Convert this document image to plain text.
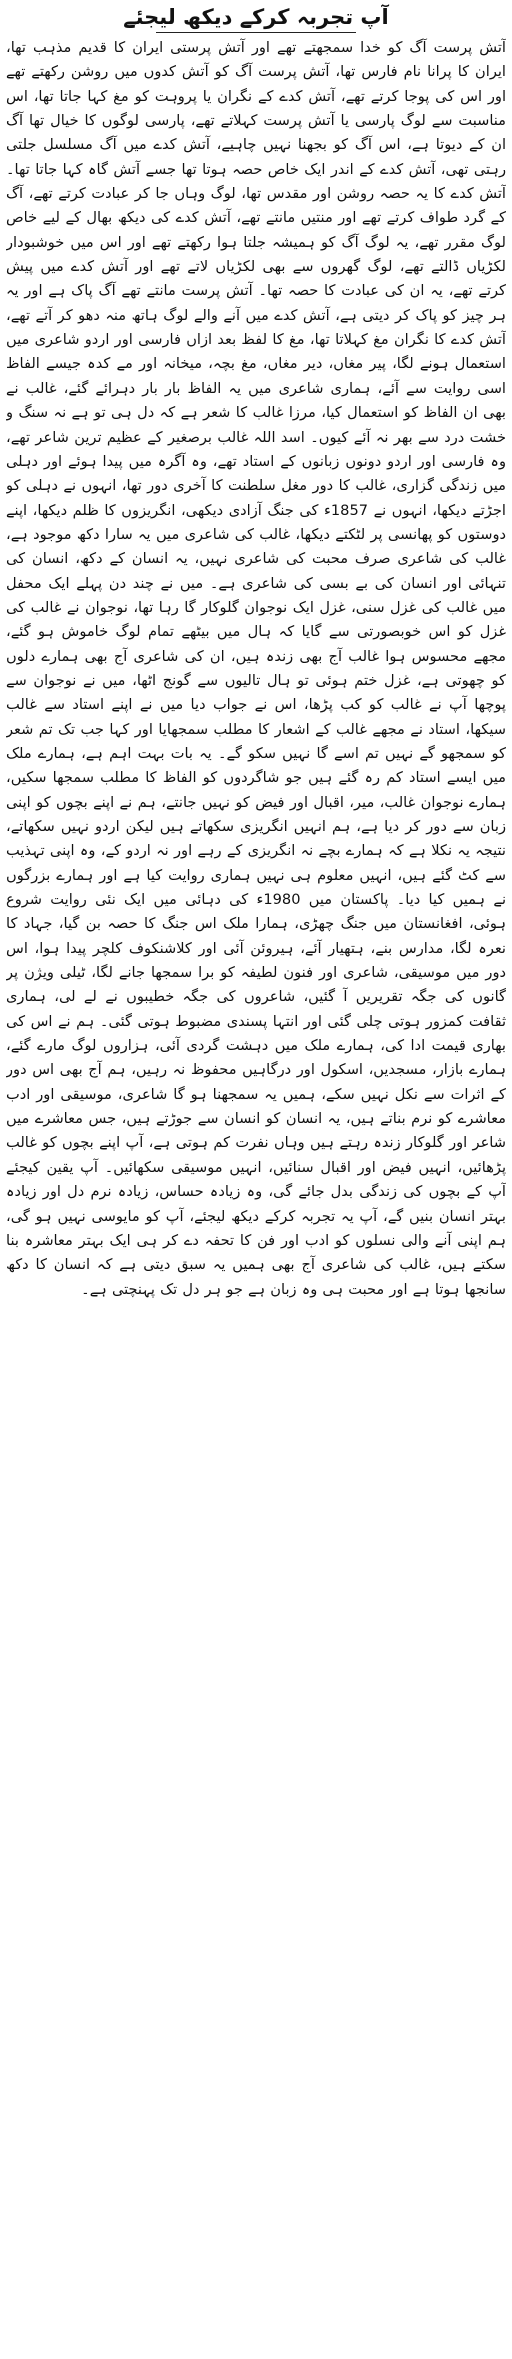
آپ تجربہ کرکے دیکھ لیجئے

آتش پرست آگ کو خدا سمجھتے تھے اور آتش پرستی ایران کا قدیم مذہب تھا، ایران کا پرانا نام فارس تھا، آتش پرست آگ کو آتش کدوں میں روشن رکھتے تھے اور اس کی پوجا کرتے تھے، آتش کدے کے نگران یا پروہت کو مغ کہا جاتا تھا، اس مناسبت سے لوگ پارسی یا آتش پرست کہلاتے تھے، پارسی لوگوں کا خیال تھا آگ ان کے دیوتا ہے، اس آگ کو بجھنا نہیں چاہیے، آتش کدے میں آگ مسلسل جلتی رہتی تھی، آتش کدے کے اندر ایک خاص حصہ ہوتا تھا جسے آتش گاہ کہا جاتا تھا۔

آتش کدے کا یہ حصہ روشن اور مقدس تھا، لوگ وہاں جا کر عبادت کرتے تھے، آگ کے گرد طواف کرتے تھے اور منتیں مانتے تھے، آتش کدے کی دیکھ بھال کے لیے خاص لوگ مقرر تھے، یہ لوگ آگ کو ہمیشہ جلتا ہوا رکھتے تھے اور اس میں خوشبودار لکڑیاں ڈالتے تھے، لوگ گھروں سے بھی لکڑیاں لاتے تھے اور آتش کدے میں پیش کرتے تھے، یہ ان کی عبادت کا حصہ تھا۔

آتش پرست مانتے تھے آگ پاک ہے اور یہ ہر چیز کو پاک کر دیتی ہے، آتش کدے میں آنے والے لوگ ہاتھ منہ دھو کر آتے تھے، آتش کدے کا نگران مغ کہلاتا تھا، مغ کا لفظ بعد ازاں فارسی اور اردو شاعری میں استعمال ہونے لگا، پیر مغاں، دیر مغاں، مغ بچہ، میخانہ اور مے کدہ جیسے الفاظ اسی روایت سے آئے، ہماری شاعری میں یہ الفاظ بار بار دہرائے گئے، غالب نے بھی ان الفاظ کو استعمال کیا، مرزا غالب کا شعر ہے کہ دل ہی تو ہے نہ سنگ و خشت درد سے بھر نہ آئے کیوں۔

اسد اللہ غالب برصغیر کے عظیم ترین شاعر تھے، وہ فارسی اور اردو دونوں زبانوں کے استاد تھے، وہ آگرہ میں پیدا ہوئے اور دہلی میں زندگی گزاری، غالب کا دور مغل سلطنت کا آخری دور تھا، انہوں نے دہلی کو اجڑتے دیکھا، انہوں نے 1857ء کی جنگ آزادی دیکھی، انگریزوں کا ظلم دیکھا، اپنے دوستوں کو پھانسی پر لٹکتے دیکھا، غالب کی شاعری میں یہ سارا دکھ موجود ہے، غالب کی شاعری صرف محبت کی شاعری نہیں، یہ انسان کے دکھ، انسان کی تنہائی اور انسان کی بے بسی کی شاعری ہے۔

میں نے چند دن پہلے ایک محفل میں غالب کی غزل سنی، غزل ایک نوجوان گلوکار گا رہا تھا، نوجوان نے غالب کی غزل کو اس خوبصورتی سے گایا کہ ہال میں بیٹھے تمام لوگ خاموش ہو گئے، مجھے محسوس ہوا غالب آج بھی زندہ ہیں، ان کی شاعری آج بھی ہمارے دلوں کو چھوتی ہے، غزل ختم ہوئی تو ہال تالیوں سے گونج اٹھا، میں نے نوجوان سے پوچھا آپ نے غالب کو کب پڑھا، اس نے جواب دیا میں نے اپنے استاد سے غالب سیکھا، استاد نے مجھے غالب کے اشعار کا مطلب سمجھایا اور کہا جب تک تم شعر کو سمجھو گے نہیں تم اسے گا نہیں سکو گے۔

یہ بات بہت اہم ہے، ہمارے ملک میں ایسے استاد کم رہ گئے ہیں جو شاگردوں کو الفاظ کا مطلب سمجھا سکیں، ہمارے نوجوان غالب، میر، اقبال اور فیض کو نہیں جانتے، ہم نے اپنے بچوں کو اپنی زبان سے دور کر دیا ہے، ہم انہیں انگریزی سکھاتے ہیں لیکن اردو نہیں سکھاتے، نتیجہ یہ نکلا ہے کہ ہمارے بچے نہ انگریزی کے رہے اور نہ اردو کے، وہ اپنی تہذیب سے کٹ گئے ہیں، انہیں معلوم ہی نہیں ہماری روایت کیا ہے اور ہمارے بزرگوں نے ہمیں کیا دیا۔

پاکستان میں 1980ء کی دہائی میں ایک نئی روایت شروع ہوئی، افغانستان میں جنگ چھڑی، ہمارا ملک اس جنگ کا حصہ بن گیا، جہاد کا نعرہ لگا، مدارس بنے، ہتھیار آئے، ہیروئن آئی اور کلاشنکوف کلچر پیدا ہوا، اس دور میں موسیقی، شاعری اور فنون لطیفہ کو برا سمجھا جانے لگا، ٹیلی ویژن پر گانوں کی جگہ تقریریں آ گئیں، شاعروں کی جگہ خطیبوں نے لے لی، ہماری ثقافت کمزور ہوتی چلی گئی اور انتہا پسندی مضبوط ہوتی گئی۔

ہم نے اس کی بھاری قیمت ادا کی، ہمارے ملک میں دہشت گردی آئی، ہزاروں لوگ مارے گئے، ہمارے بازار، مسجدیں، اسکول اور درگاہیں محفوظ نہ رہیں، ہم آج بھی اس دور کے اثرات سے نکل نہیں سکے، ہمیں یہ سمجھنا ہو گا شاعری، موسیقی اور ادب معاشرے کو نرم بناتے ہیں، یہ انسان کو انسان سے جوڑتے ہیں، جس معاشرے میں شاعر اور گلوکار زندہ رہتے ہیں وہاں نفرت کم ہوتی ہے، آپ اپنے بچوں کو غالب پڑھائیں، انہیں فیض اور اقبال سنائیں، انہیں موسیقی سکھائیں۔

آپ یقین کیجئے آپ کے بچوں کی زندگی بدل جائے گی، وہ زیادہ حساس، زیادہ نرم دل اور زیادہ بہتر انسان بنیں گے، آپ یہ تجربہ کرکے دیکھ لیجئے، آپ کو مایوسی نہیں ہو گی، ہم اپنی آنے والی نسلوں کو ادب اور فن کا تحفہ دے کر ہی ایک بہتر معاشرہ بنا سکتے ہیں، غالب کی شاعری آج بھی ہمیں یہ سبق دیتی ہے کہ انسان کا دکھ سانجھا ہوتا ہے اور محبت ہی وہ زبان ہے جو ہر دل تک پہنچتی ہے۔
